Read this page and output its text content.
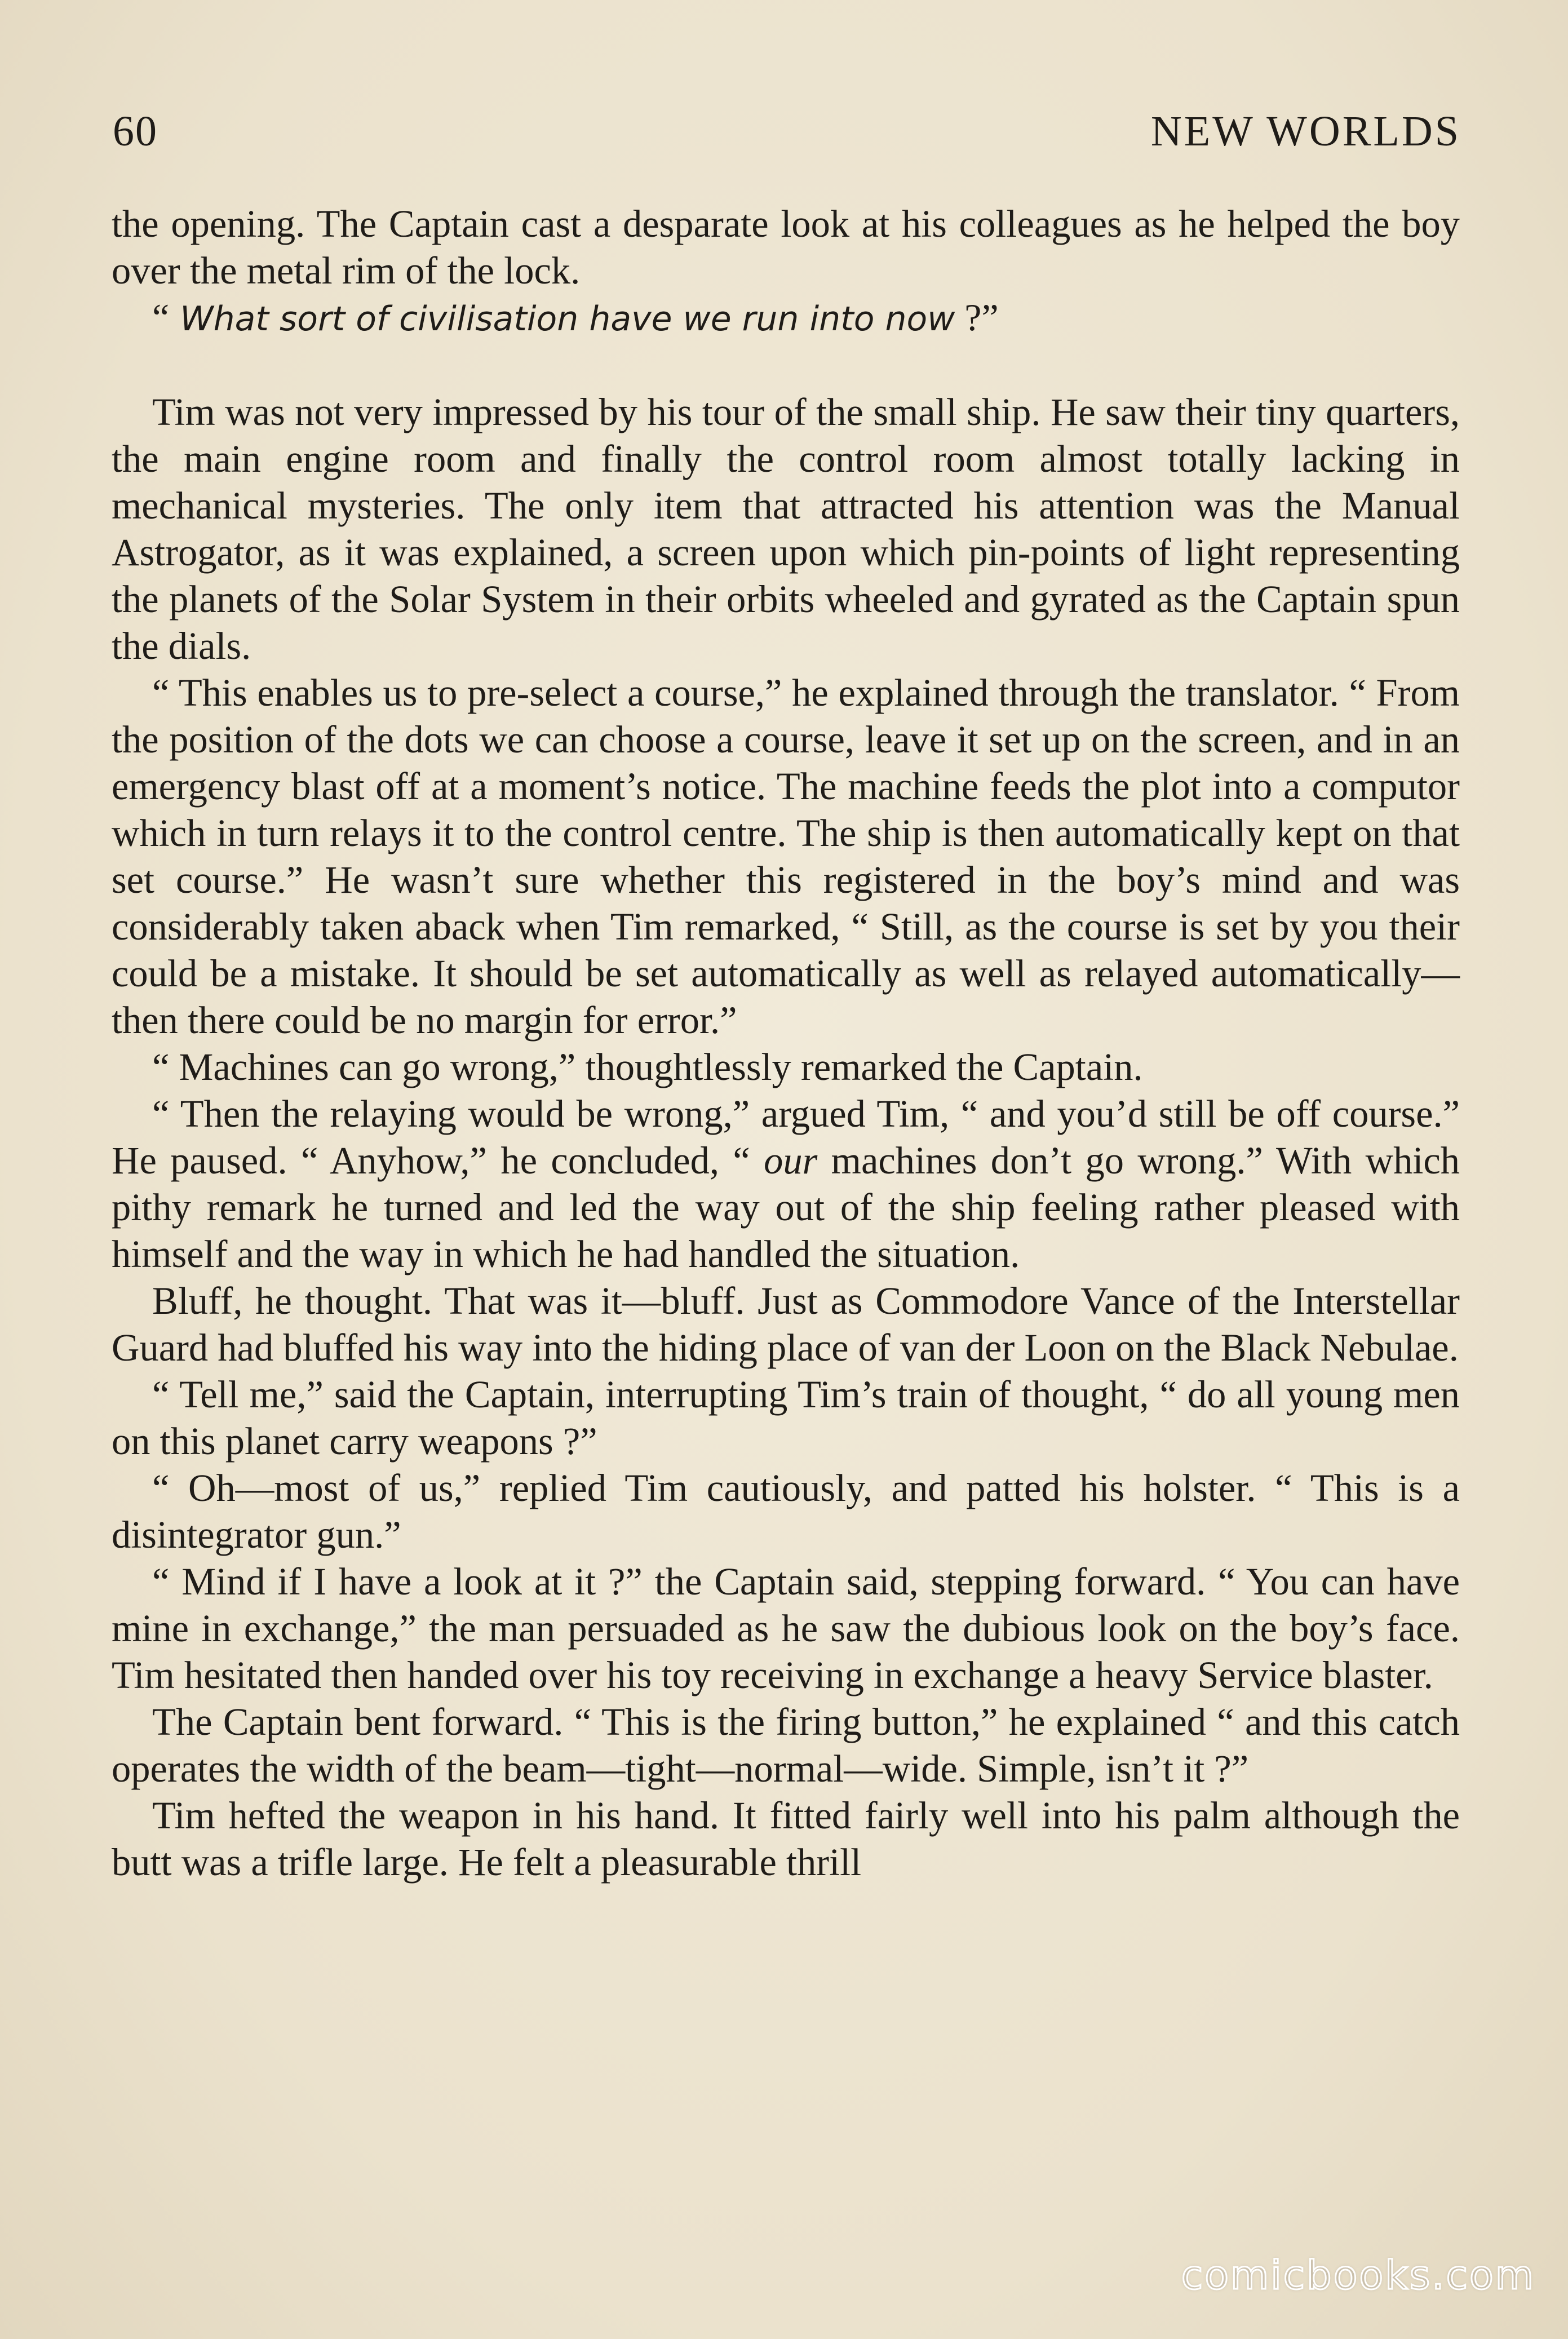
60	NEW WORLDS

the opening. The Captain cast a desparate look at his colleagues as he helped the boy over the metal rim of the lock.

“ What sort of civilisation have we run into now ?”

Tim was not very impressed by his tour of the small ship. He saw their tiny quarters, the main engine room and finally the control room almost totally lacking in mechanical mysteries. The only item that attracted his attention was the Manual Astrogator, as it was explained, a screen upon which pin-points of light representing the planets of the Solar System in their orbits wheeled and gyrated as the Captain spun the dials.

“ This enables us to pre-select a course,” he explained through the translator. “ From the position of the dots we can choose a course, leave it set up on the screen, and in an emergency blast off at a moment’s notice. The machine feeds the plot into a computor which in turn relays it to the control centre. The ship is then automatically kept on that set course.” He wasn’t sure whether this registered in the boy’s mind and was considerably taken aback when Tim remarked, “ Still, as the course is set by you their could be a mistake. It should be set automatically as well as relayed automatically—then there could be no margin for error.”

“ Machines can go wrong,” thoughtlessly remarked the Captain.

“ Then the relaying would be wrong,” argued Tim, “ and you’d still be off course.” He paused. “ Anyhow,” he concluded, “ our machines don’t go wrong.” With which pithy remark he turned and led the way out of the ship feeling rather pleased with himself and the way in which he had handled the situation.

Bluff, he thought. That was it—bluff. Just as Commodore Vance of the Interstellar Guard had bluffed his way into the hiding place of van der Loon on the Black Nebulae.

“ Tell me,” said the Captain, interrupting Tim’s train of thought, “ do all young men on this planet carry weapons ?”

“ Oh—most of us,” replied Tim cautiously, and patted his holster. “ This is a disintegrator gun.”

“ Mind if I have a look at it ?” the Captain said, stepping forward. “ You can have mine in exchange,” the man persuaded as he saw the dubious look on the boy’s face. Tim hesitated then handed over his toy receiving in exchange a heavy Service blaster.

The Captain bent forward. “ This is the firing button,” he explained “ and this catch operates the width of the beam—tight—normal—wide. Simple, isn’t it ?”

Tim hefted the weapon in his hand. It fitted fairly well into his palm although the butt was a trifle large. He felt a pleasurable thrill

comicbooks.com
